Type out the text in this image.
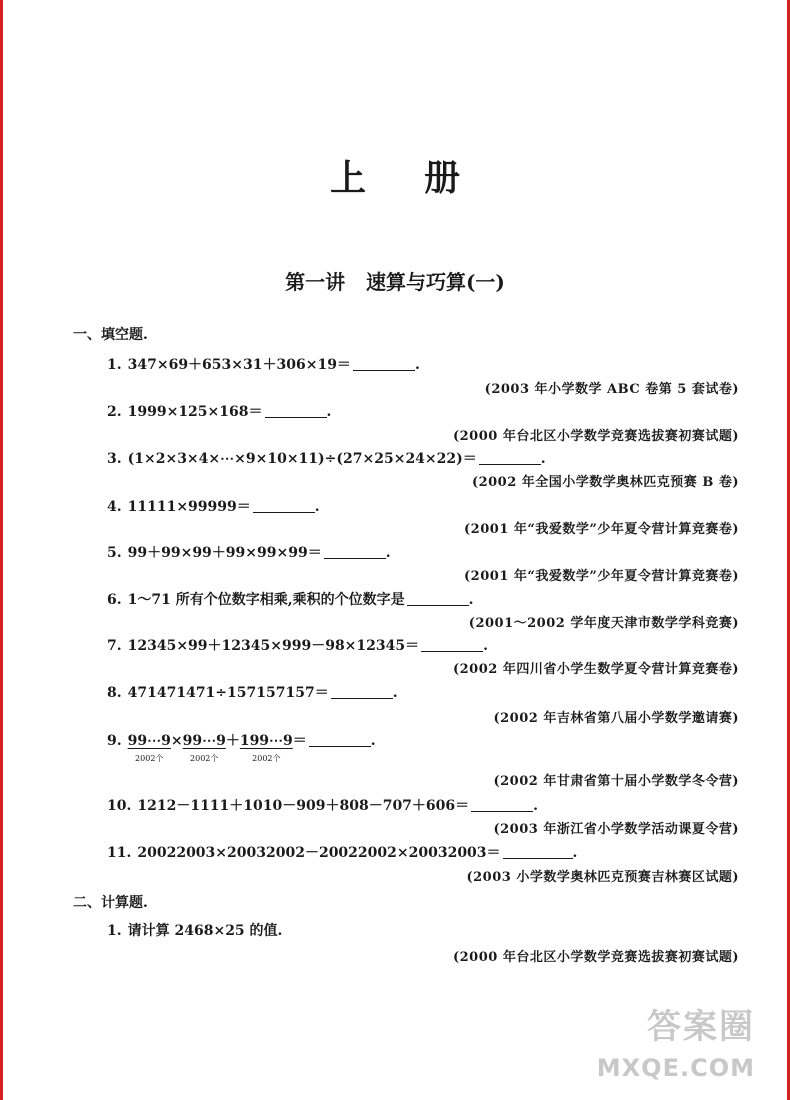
上册
第一讲   速算与巧算(一)
一、填空题.
1. 347×69＋653×31＋306×19＝	.
(2003 年小学数学 ABC 卷第 5 套试卷)
2. 1999×125×168＝	.
(2000 年台北区小学数学竞赛选拔赛初赛试题)
3. (1×2×3×4×⋯×9×10×11)÷(27×25×24×22)＝	.
(2002 年全国小学数学奥林匹克预赛 B 卷)
4. 11111×99999＝	.
(2001 年“我爱数学”少年夏令营计算竞赛卷)
5. 99＋99×99＋99×99×99＝	.
(2001 年“我爱数学”少年夏令营计算竞赛卷)
6. 1～71 所有个位数字相乘,乘积的个位数字是	.
(2001～2002 学年度天津市数学学科竞赛)
7. 12345×99＋12345×999－98×12345＝	.
(2002 年四川省小学生数学夏令营计算竞赛卷)
8. 471471471÷157157157＝	.
(2002 年吉林省第八届小学数学邀请赛)
9. 99⋯9
2002个
×99⋯9
2002个
＋199⋯9
2002个
＝	.
(2002 年甘肃省第十届小学数学冬令营)
10. 1212－1111＋1010－909＋808－707＋606＝	.
(2003 年浙江省小学数学活动课夏令营)
11. 20022003×20032002－20022002×20032003＝	.
(2003 小学数学奥林匹克预赛吉林赛区试题)
二、计算题.
1. 请计算 2468×25 的值.
(2000 年台北区小学数学竞赛选拔赛初赛试题)
答案圈
MXQE.COM
